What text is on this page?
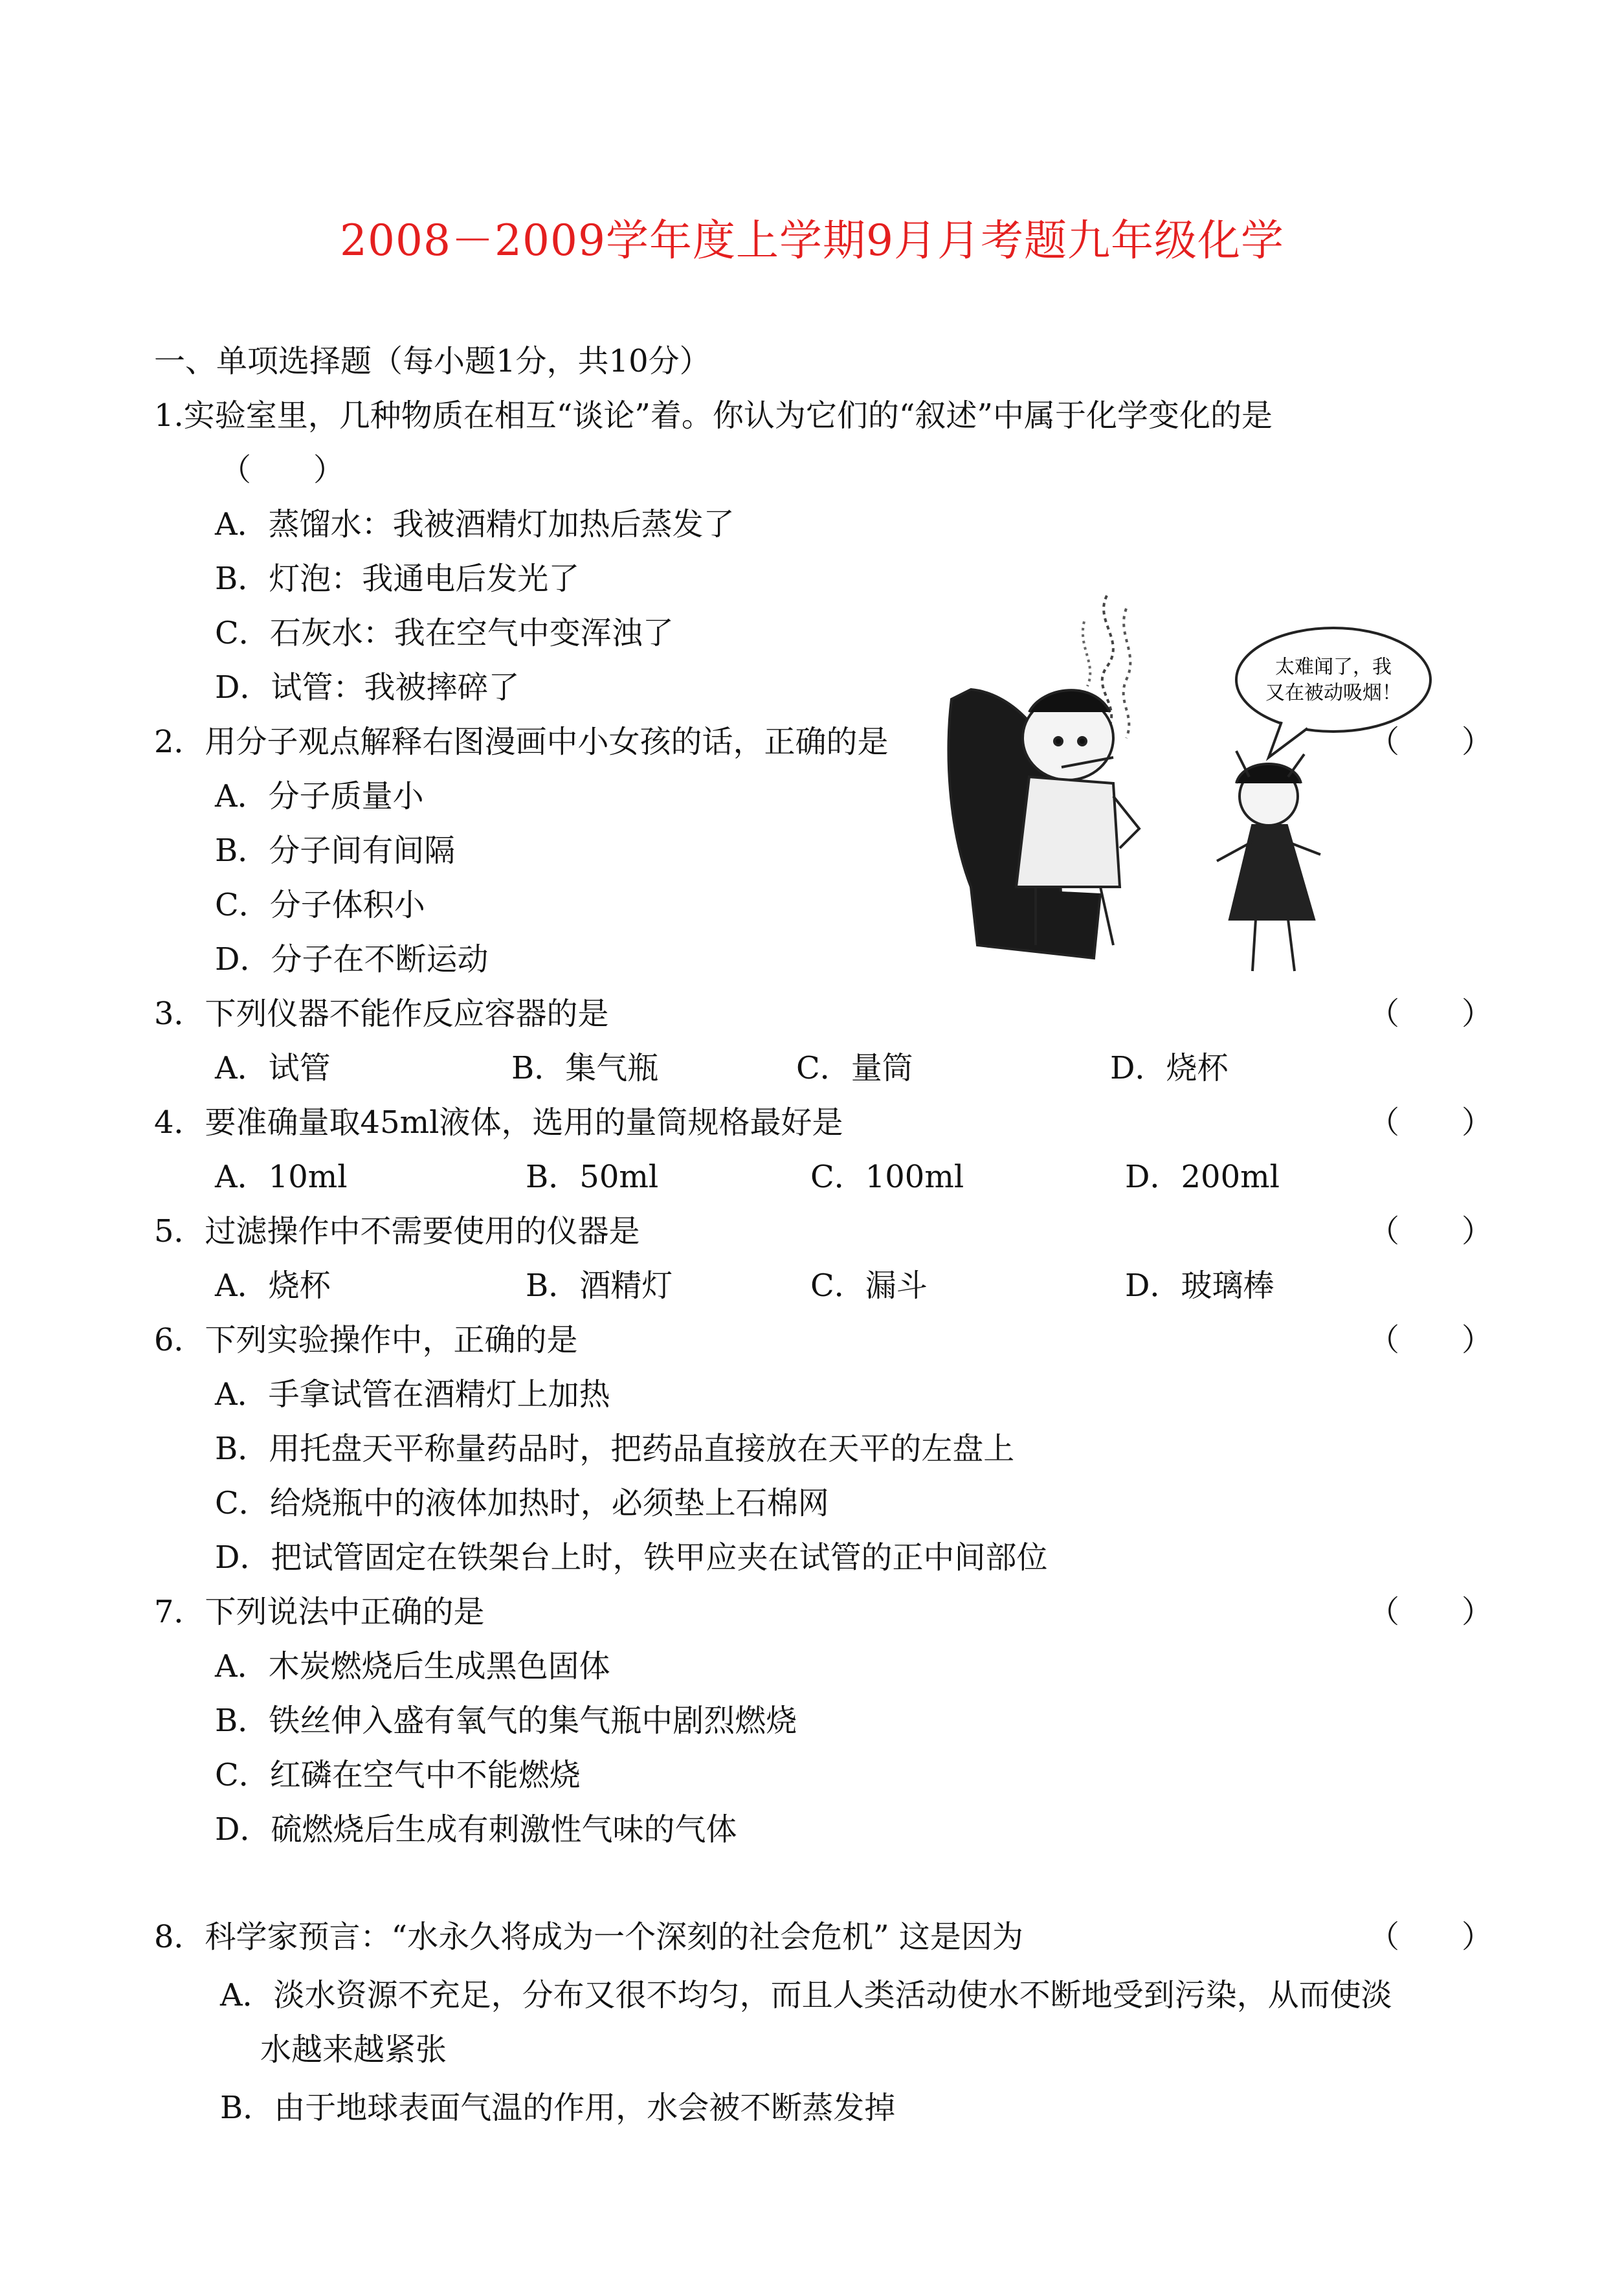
2008－2009学年度上学期9月月考题九年级化学
一、单项选择题（每小题1分，共10分）
1.实验室里，几种物质在相互“谈论”着。你认为它们的“叙述”中属于化学变化的是
（　　）
A．蒸馏水：我被酒精灯加热后蒸发了
B．灯泡：我通电后发光了
C．石灰水：我在空气中变浑浊了
D．试管：我被摔碎了
2．用分子观点解释右图漫画中小女孩的话，正确的是	（　　）
A．分子质量小
B．分子间有间隔
C．分子体积小
D．分子在不断运动
太难闻了，我
又在被动吸烟！
3．下列仪器不能作反应容器的是	（　　）
A．试管	B．集气瓶	C．量筒	D．烧杯
4．要准确量取45ml液体，选用的量筒规格最好是	（　　）
A．10ml	B．50ml	C．100ml	D．200ml
5．过滤操作中不需要使用的仪器是	（　　）
A．烧杯	B．酒精灯	C．漏斗	D．玻璃棒
6．下列实验操作中，正确的是	（　　）
A．手拿试管在酒精灯上加热
B．用托盘天平称量药品时，把药品直接放在天平的左盘上
C．给烧瓶中的液体加热时，必须垫上石棉网
D．把试管固定在铁架台上时，铁甲应夹在试管的正中间部位
7．下列说法中正确的是	（　　）
A．木炭燃烧后生成黑色固体
B．铁丝伸入盛有氧气的集气瓶中剧烈燃烧
C．红磷在空气中不能燃烧
D．硫燃烧后生成有刺激性气味的气体
8．科学家预言：“水永久将成为一个深刻的社会危机” 这是因为	（　　）
A．淡水资源不充足，分布又很不均匀，而且人类活动使水不断地受到污染，从而使淡
水越来越紧张
B．由于地球表面气温的作用，水会被不断蒸发掉
